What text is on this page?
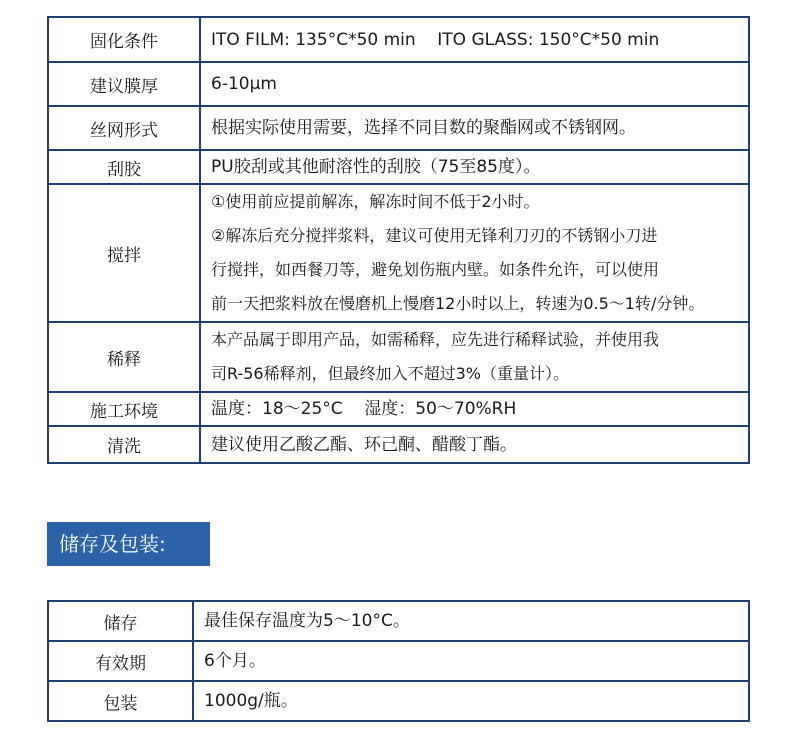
固化条件	ITO FILM: 135°C*50 min    ITO GLASS: 150°C*50 min
建议膜厚	6-10µm
丝网形式	根据实际使用需要，选择不同目数的聚酯网或不锈钢网。
刮胶	PU胶刮或其他耐溶性的刮胶（75至85度）。
搅拌	①使用前应提前解冻，解冻时间不低于2小时。
②解冻后充分搅拌浆料，建议可使用无锋利刀刃的不锈钢小刀进
行搅拌，如西餐刀等，避免划伤瓶内壁。如条件允许，可以使用
前一天把浆料放在慢磨机上慢磨12小时以上，转速为0.5～1转/分钟。

稀释	本产品属于即用产品，如需稀释，应先进行稀释试验，并使用我
司R-56稀释剂，但最终加入不超过3%（重量计）。

施工环境	温度：18～25°C    湿度：50～70%RH
清洗	建议使用乙酸乙酯、环己酮、醋酸丁酯。
储存及包装:
储存	最佳保存温度为5～10°C。
有效期	6个月。
包装	1000g/瓶。
